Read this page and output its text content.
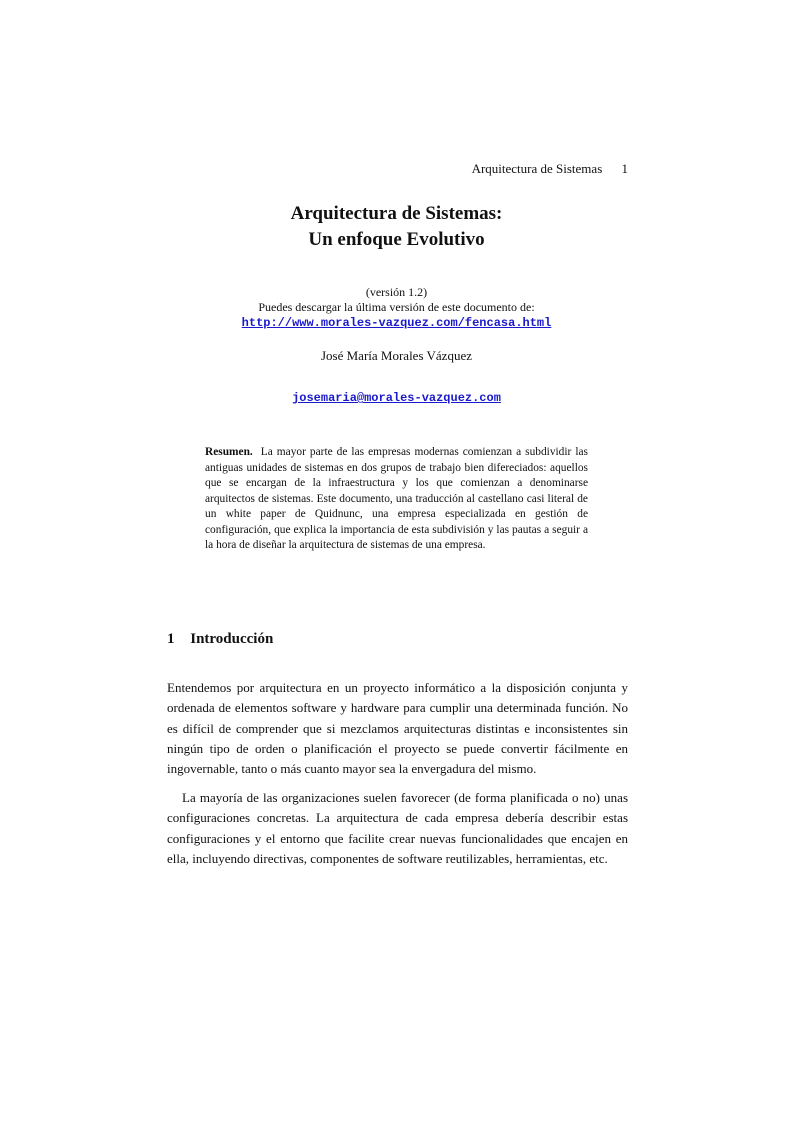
Arquitectura de Sistemas 1
Arquitectura de Sistemas:
Un enfoque Evolutivo
(versión 1.2)
Puedes descargar la última versión de este documento de:
http://www.morales-vazquez.com/fencasa.html
José María Morales Vázquez
josemaria@morales-vazquez.com
Resumen. La mayor parte de las empresas modernas comienzan a subdividir las antiguas unidades de sistemas en dos grupos de trabajo bien difereciados: aquellos que se encargan de la infraestructura y los que comienzan a denominarse arquitectos de sistemas. Este documento, una traducción al castellano casi literal de un white paper de Quidnunc, una empresa especializada en gestión de configuración, que explica la importancia de esta subdivisión y las pautas a seguir a la hora de diseñar la arquitectura de sistemas de una empresa.
1 Introducción

Entendemos por arquitectura en un proyecto informático a la disposición conjunta y ordenada de elementos software y hardware para cumplir una determinada función. No es difícil de comprender que si mezclamos arquitecturas distintas e inconsistentes sin ningún tipo de orden o planificación el proyecto se puede convertir fácilmente en ingovernable, tanto o más cuanto mayor sea la envergadura del mismo.

La mayoría de las organizaciones suelen favorecer (de forma planificada o no) unas configuraciones concretas. La arquitectura de cada empresa debería describir estas configuraciones y el entorno que facilite crear nuevas funcionalidades que encajen en ella, incluyendo directivas, componentes de software reutilizables, herramientas, etc.
